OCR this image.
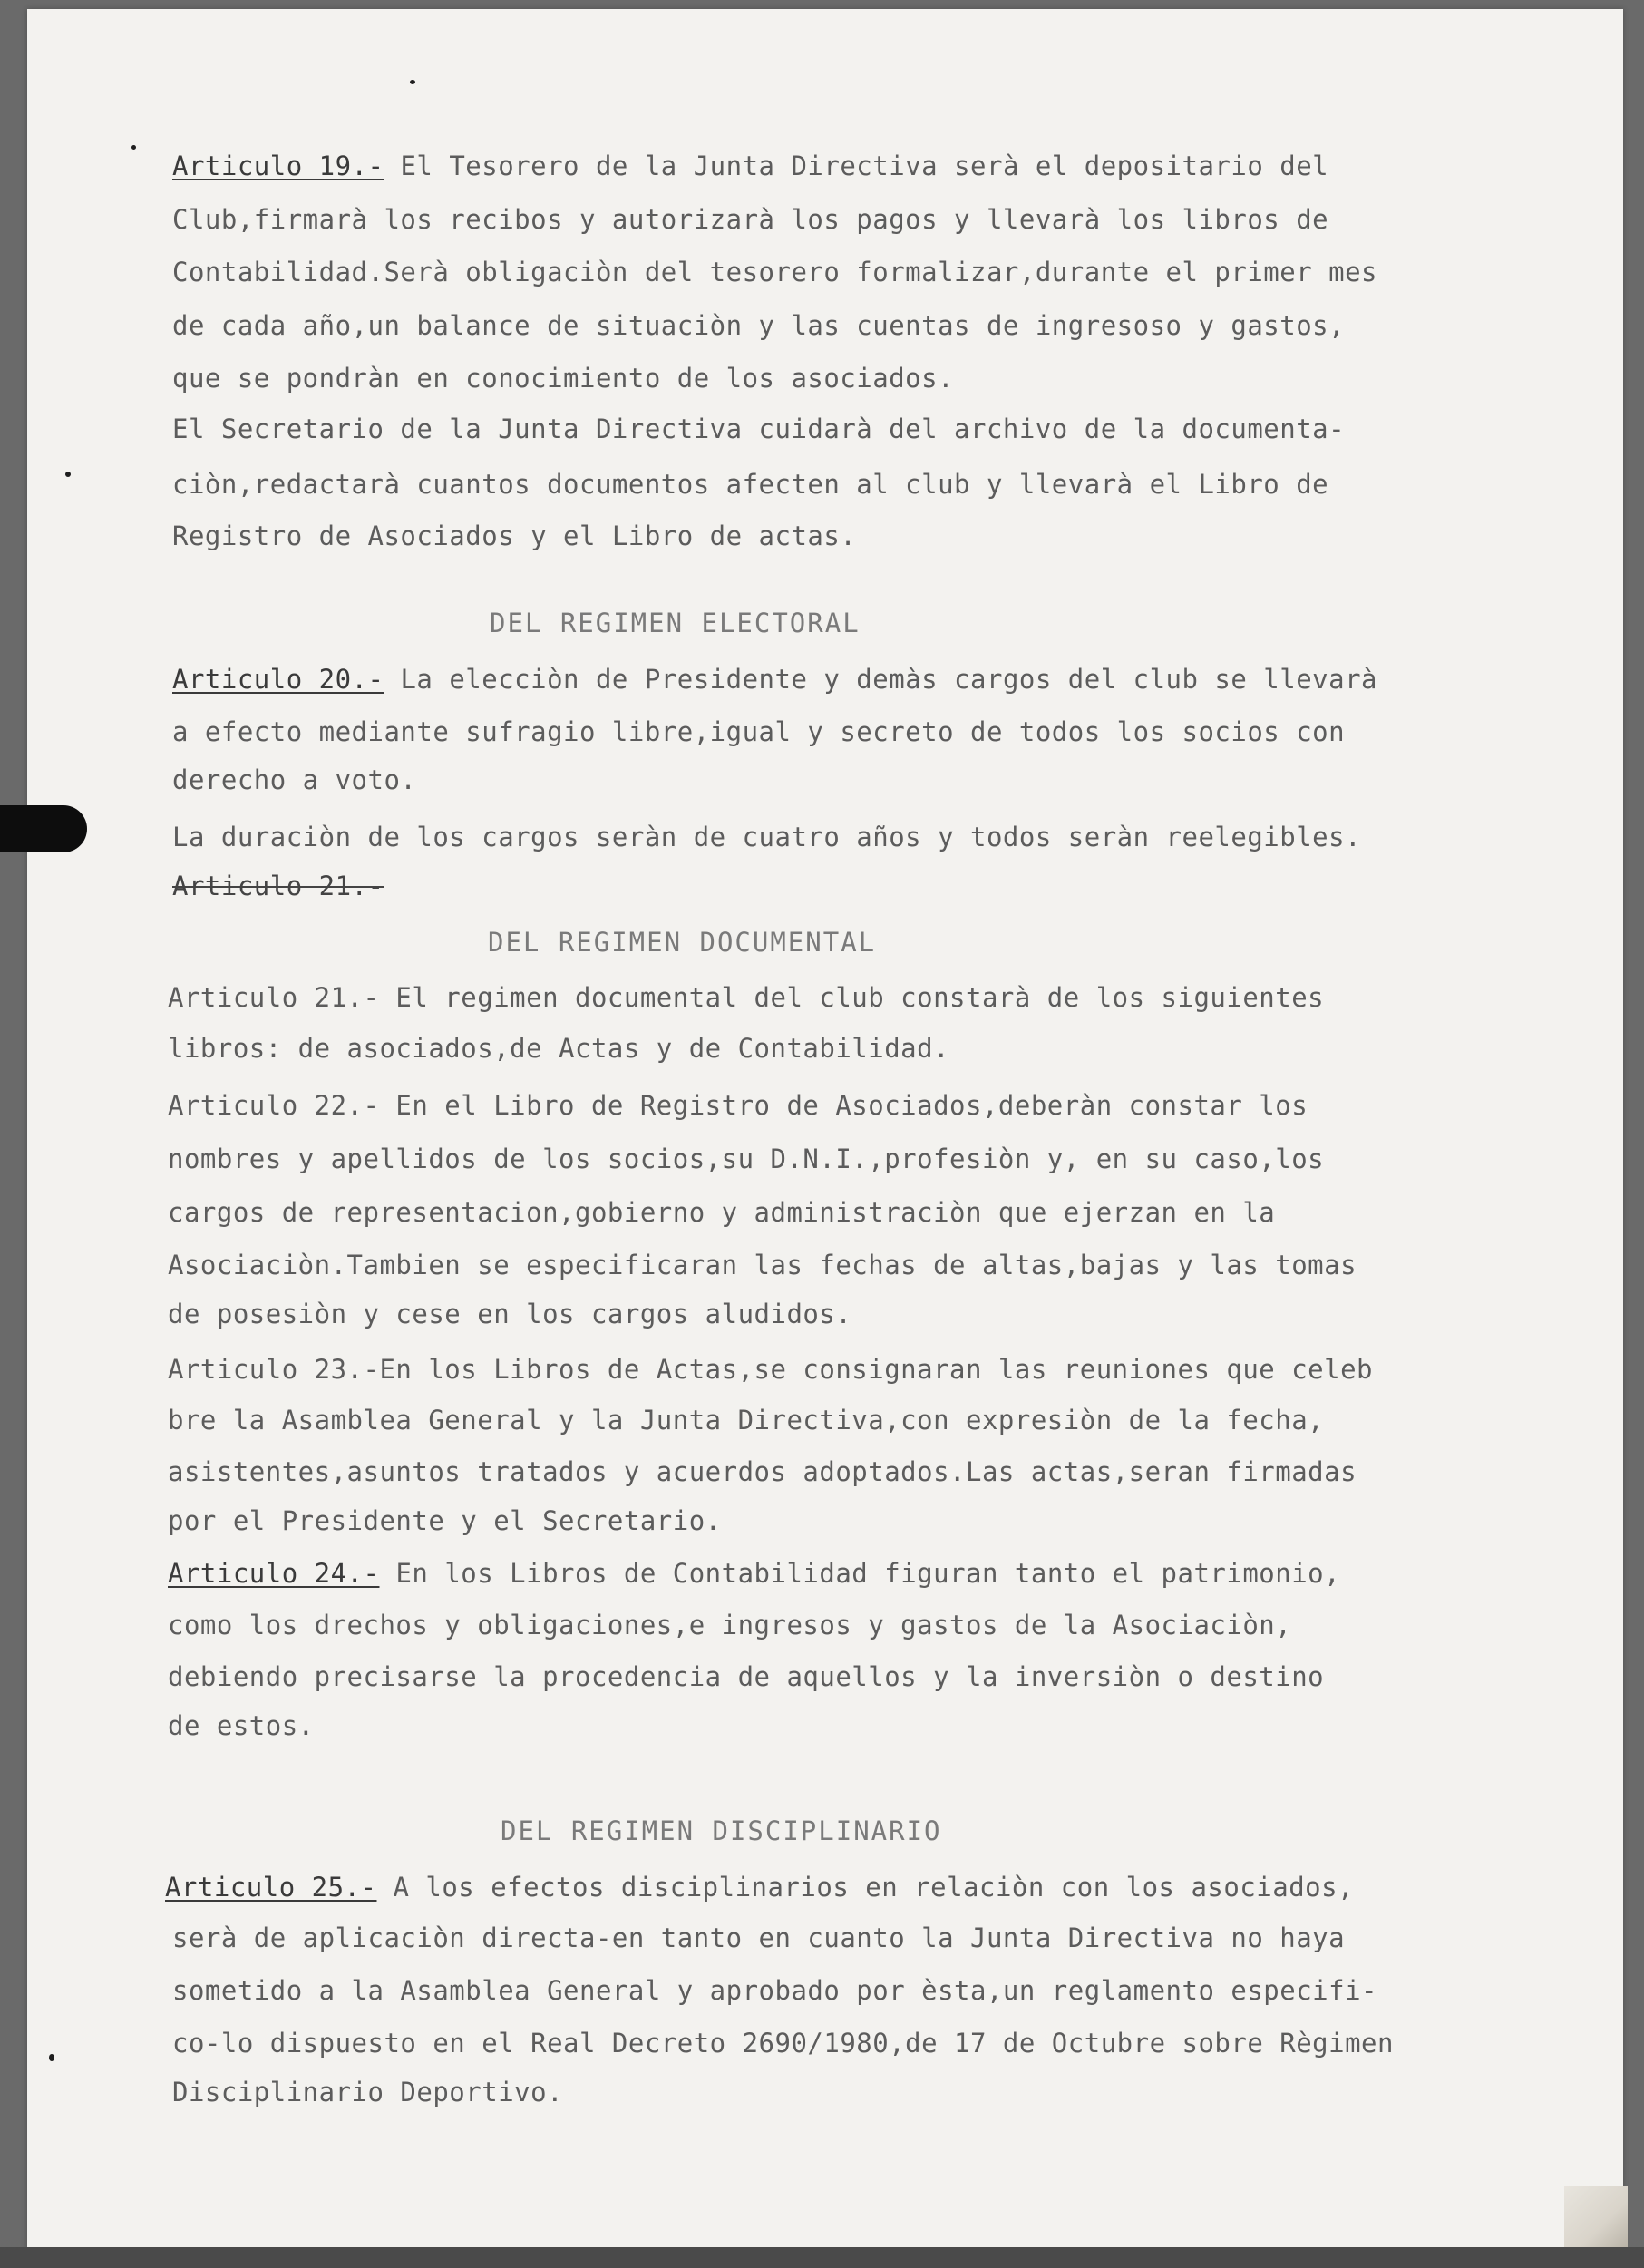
Articulo 19.- El Tesorero de la Junta Directiva serà el depositario del

Club,firmarà los recibos y autorizarà los pagos y llevarà los libros de

Contabilidad.Serà obligaciòn del tesorero formalizar,durante el primer mes

de cada año,un balance de situaciòn y las cuentas de ingresoso y gastos,

que se pondràn en conocimiento de los asociados.

El Secretario de la Junta Directiva cuidarà del archivo de la documenta-

ciòn,redactarà cuantos documentos afecten al club y llevarà el Libro de

Registro de Asociados y el Libro de actas.

DEL REGIMEN ELECTORAL

Articulo 20.- La elecciòn de Presidente y demàs cargos del club se llevarà

a efecto mediante sufragio libre,igual y secreto de todos los socios con

derecho a voto.

La duraciòn de los cargos seràn de cuatro años y todos seràn reelegibles.

Articulo 21.-

DEL REGIMEN DOCUMENTAL

Articulo 21.- El regimen documental del club constarà de los siguientes

libros: de asociados,de Actas y de Contabilidad.

Articulo 22.- En el Libro de Registro de Asociados,deberàn constar los

nombres y apellidos de los socios,su D.N.I.,profesiòn y, en su caso,los

cargos de representacion,gobierno y administraciòn que ejerzan en la

Asociaciòn.Tambien se especificaran las fechas de altas,bajas y las tomas

de posesiòn y cese en los cargos aludidos.

Articulo 23.-En los Libros de Actas,se consignaran las reuniones que celeb

bre la Asamblea General y la Junta Directiva,con expresiòn de la fecha,

asistentes,asuntos tratados y acuerdos adoptados.Las actas,seran firmadas

por el Presidente y el Secretario.

Articulo 24.- En los Libros de Contabilidad figuran tanto el patrimonio,

como los drechos y obligaciones,e ingresos y gastos de la Asociaciòn,

debiendo precisarse la procedencia de aquellos y la inversiòn o destino

de estos.

DEL REGIMEN DISCIPLINARIO

Articulo 25.- A los efectos disciplinarios en relaciòn con los asociados,

serà de aplicaciòn directa-en tanto en cuanto la Junta Directiva no haya

sometido a la Asamblea General y aprobado por èsta,un reglamento especifi-

co-lo dispuesto en el Real Decreto 2690/1980,de 17 de Octubre sobre Règimen

Disciplinario Deportivo.
